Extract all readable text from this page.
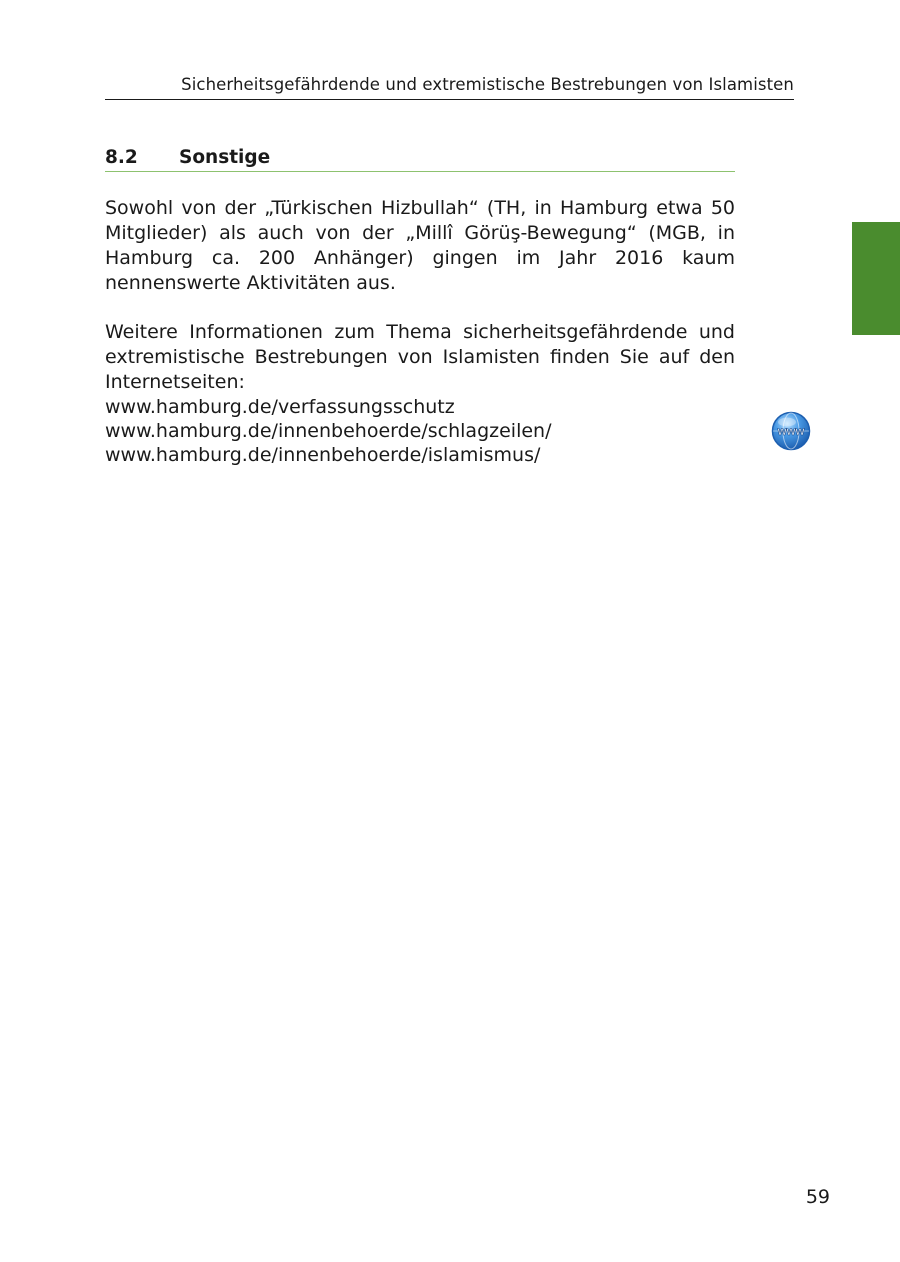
Sicherheitsgefährdende und extremistische Bestrebungen von Islamisten
8.2 Sonstige

Sowohl von der „Türkischen Hizbullah“ (TH, in Hamburg etwa 50 Mitglieder) als auch von der „Millî Görüş-Bewegung“ (MGB, in Hamburg ca. 200 Anhänger) gingen im Jahr 2016 kaum nennenswerte Aktivitäten aus.

Weitere Informationen zum Thema sicherheitsgefährdende und extremistische Bestrebungen von Islamisten finden Sie auf den Internetseiten:

www.hamburg.de/verfassungsschutz
www.hamburg.de/innenbehoerde/schlagzeilen/
www.hamburg.de/innenbehoerde/islamismus/
www
59
